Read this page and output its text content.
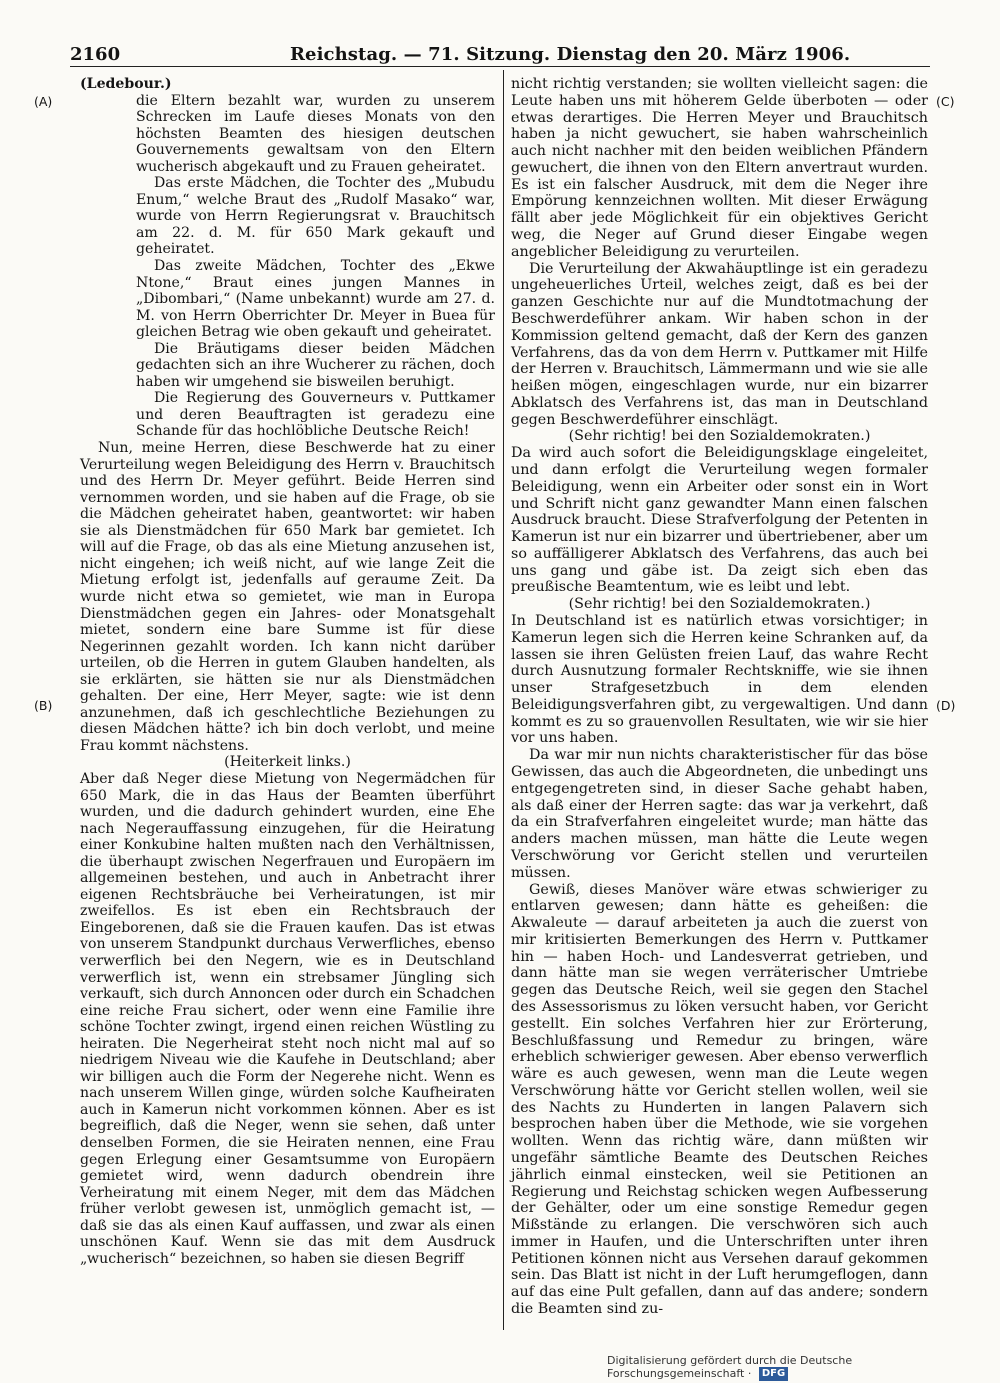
2160	Reichstag. — 71. Sitzung. Dienstag den 20. März 1906.
(A)
(B)
(C)
(D)

(Ledebour.)

die Eltern bezahlt war, wurden zu unserem Schrecken im Laufe dieses Monats von den höchsten Beamten des hiesigen deutschen Gouvernements gewaltsam von den Eltern wucherisch abgekauft und zu Frauen geheiratet.

Das erste Mädchen, die Tochter des „Mubudu Enum,“ welche Braut des „Rudolf Masako“ war, wurde von Herrn Regierungsrat v. Brauchitsch am 22. d. M. für 650 Mark gekauft und geheiratet.

Das zweite Mädchen, Tochter des „Ekwe Ntone,“ Braut eines jungen Mannes in „Dibombari,“ (Name unbekannt) wurde am 27. d. M. von Herrn Oberrichter Dr. Meyer in Buea für gleichen Betrag wie oben gekauft und geheiratet.

Die Bräutigams dieser beiden Mädchen gedachten sich an ihre Wucherer zu rächen, doch haben wir umgehend sie bisweilen beruhigt.

Die Regierung des Gouverneurs v. Puttkamer und deren Beauftragten ist geradezu eine Schande für das hochlöbliche Deutsche Reich!

Nun, meine Herren, diese Beschwerde hat zu einer Verurteilung wegen Beleidigung des Herrn v. Brauchitsch und des Herrn Dr. Meyer geführt. Beide Herren sind vernommen worden, und sie haben auf die Frage, ob sie die Mädchen geheiratet haben, geantwortet: wir haben sie als Dienstmädchen für 650 Mark bar gemietet. Ich will auf die Frage, ob das als eine Mietung anzusehen ist, nicht eingehen; ich weiß nicht, auf wie lange Zeit die Mietung erfolgt ist, jedenfalls auf geraume Zeit. Da wurde nicht etwa so gemietet, wie man in Europa Dienstmädchen gegen ein Jahres- oder Monatsgehalt mietet, sondern eine bare Summe ist für diese Negerinnen gezahlt worden. Ich kann nicht darüber urteilen, ob die Herren in gutem Glauben handelten, als sie erklärten, sie hätten sie nur als Dienstmädchen gehalten. Der eine, Herr Meyer, sagte: wie ist denn anzunehmen, daß ich geschlechtliche Beziehungen zu diesen Mädchen hätte? ich bin doch verlobt, und meine Frau kommt nächstens.

(Heiterkeit links.)

Aber daß Neger diese Mietung von Negermädchen für 650 Mark, die in das Haus der Beamten überführt wurden, und die dadurch gehindert wurden, eine Ehe nach Negerauffassung einzugehen, für die Heiratung einer Konkubine halten mußten nach den Verhältnissen, die überhaupt zwischen Negerfrauen und Europäern im allgemeinen bestehen, und auch in Anbetracht ihrer eigenen Rechtsbräuche bei Verheiratungen, ist mir zweifellos. Es ist eben ein Rechtsbrauch der Eingeborenen, daß sie die Frauen kaufen. Das ist etwas von unserem Standpunkt durchaus Verwerfliches, ebenso verwerflich bei den Negern, wie es in Deutschland verwerflich ist, wenn ein strebsamer Jüngling sich verkauft, sich durch Annoncen oder durch ein Schadchen eine reiche Frau sichert, oder wenn eine Familie ihre schöne Tochter zwingt, irgend einen reichen Wüstling zu heiraten. Die Negerheirat steht noch nicht mal auf so niedrigem Niveau wie die Kaufehe in Deutschland; aber wir billigen auch die Form der Negerehe nicht. Wenn es nach unserem Willen ginge, würden solche Kaufheiraten auch in Kamerun nicht vorkommen können. Aber es ist begreiflich, daß die Neger, wenn sie sehen, daß unter denselben Formen, die sie Heiraten nennen, eine Frau gegen Erlegung einer Gesamtsumme von Europäern gemietet wird, wenn dadurch obendrein ihre Verheiratung mit einem Neger, mit dem das Mädchen früher verlobt gewesen ist, unmöglich gemacht ist, — daß sie das als einen Kauf auffassen, und zwar als einen unschönen Kauf. Wenn sie das mit dem Ausdruck „wucherisch“ bezeichnen, so haben sie diesen Begriff

nicht richtig verstanden; sie wollten vielleicht sagen: die Leute haben uns mit höherem Gelde überboten — oder etwas derartiges. Die Herren Meyer und Brauchitsch haben ja nicht gewuchert, sie haben wahrscheinlich auch nicht nachher mit den beiden weiblichen Pfändern gewuchert, die ihnen von den Eltern anvertraut wurden. Es ist ein falscher Ausdruck, mit dem die Neger ihre Empörung kennzeichnen wollten. Mit dieser Erwägung fällt aber jede Möglichkeit für ein objektives Gericht weg, die Neger auf Grund dieser Eingabe wegen angeblicher Beleidigung zu verurteilen.

Die Verurteilung der Akwahäuptlinge ist ein geradezu ungeheuerliches Urteil, welches zeigt, daß es bei der ganzen Geschichte nur auf die Mundtotmachung der Beschwerdeführer ankam. Wir haben schon in der Kommission geltend gemacht, daß der Kern des ganzen Verfahrens, das da von dem Herrn v. Puttkamer mit Hilfe der Herren v. Brauchitsch, Lämmermann und wie sie alle heißen mögen, eingeschlagen wurde, nur ein bizarrer Abklatsch des Verfahrens ist, das man in Deutschland gegen Beschwerdeführer einschlägt.

(Sehr richtig! bei den Sozialdemokraten.)

Da wird auch sofort die Beleidigungsklage eingeleitet, und dann erfolgt die Verurteilung wegen formaler Beleidigung, wenn ein Arbeiter oder sonst ein in Wort und Schrift nicht ganz gewandter Mann einen falschen Ausdruck braucht. Diese Strafverfolgung der Petenten in Kamerun ist nur ein bizarrer und übertriebener, aber um so auffälligerer Abklatsch des Verfahrens, das auch bei uns gang und gäbe ist. Da zeigt sich eben das preußische Beamtentum, wie es leibt und lebt.

(Sehr richtig! bei den Sozialdemokraten.)

In Deutschland ist es natürlich etwas vorsichtiger; in Kamerun legen sich die Herren keine Schranken auf, da lassen sie ihren Gelüsten freien Lauf, das wahre Recht durch Ausnutzung formaler Rechtskniffe, wie sie ihnen unser Strafgesetzbuch in dem elenden Beleidigungsverfahren gibt, zu vergewaltigen. Und dann kommt es zu so grauenvollen Resultaten, wie wir sie hier vor uns haben.

Da war mir nun nichts charakteristischer für das böse Gewissen, das auch die Abgeordneten, die unbedingt uns entgegengetreten sind, in dieser Sache gehabt haben, als daß einer der Herren sagte: das war ja verkehrt, daß da ein Strafverfahren eingeleitet wurde; man hätte das anders machen müssen, man hätte die Leute wegen Verschwörung vor Gericht stellen und verurteilen müssen.

Gewiß, dieses Manöver wäre etwas schwieriger zu entlarven gewesen; dann hätte es geheißen: die Akwaleute — darauf arbeiteten ja auch die zuerst von mir kritisierten Bemerkungen des Herrn v. Puttkamer hin — haben Hoch- und Landesverrat getrieben, und dann hätte man sie wegen verräterischer Umtriebe gegen das Deutsche Reich, weil sie gegen den Stachel des Assessorismus zu löken versucht haben, vor Gericht gestellt. Ein solches Verfahren hier zur Erörterung, Beschlußfassung und Remedur zu bringen, wäre erheblich schwieriger gewesen. Aber ebenso verwerflich wäre es auch gewesen, wenn man die Leute wegen Verschwörung hätte vor Gericht stellen wollen, weil sie des Nachts zu Hunderten in langen Palavern sich besprochen haben über die Methode, wie sie vorgehen wollten. Wenn das richtig wäre, dann müßten wir ungefähr sämtliche Beamte des Deutschen Reiches jährlich einmal einstecken, weil sie Petitionen an Regierung und Reichstag schicken wegen Aufbesserung der Gehälter, oder um eine sonstige Remedur gegen Mißstände zu erlangen. Die verschwören sich auch immer in Haufen, und die Unterschriften unter ihren Petitionen können nicht aus Versehen darauf gekommen sein. Das Blatt ist nicht in der Luft herumgeflogen, dann auf das eine Pult gefallen, dann auf das andere; sondern die Beamten sind zu-

Digitalisierung gefördert durch die Deutsche Forschungsgemeinschaft · DFG
